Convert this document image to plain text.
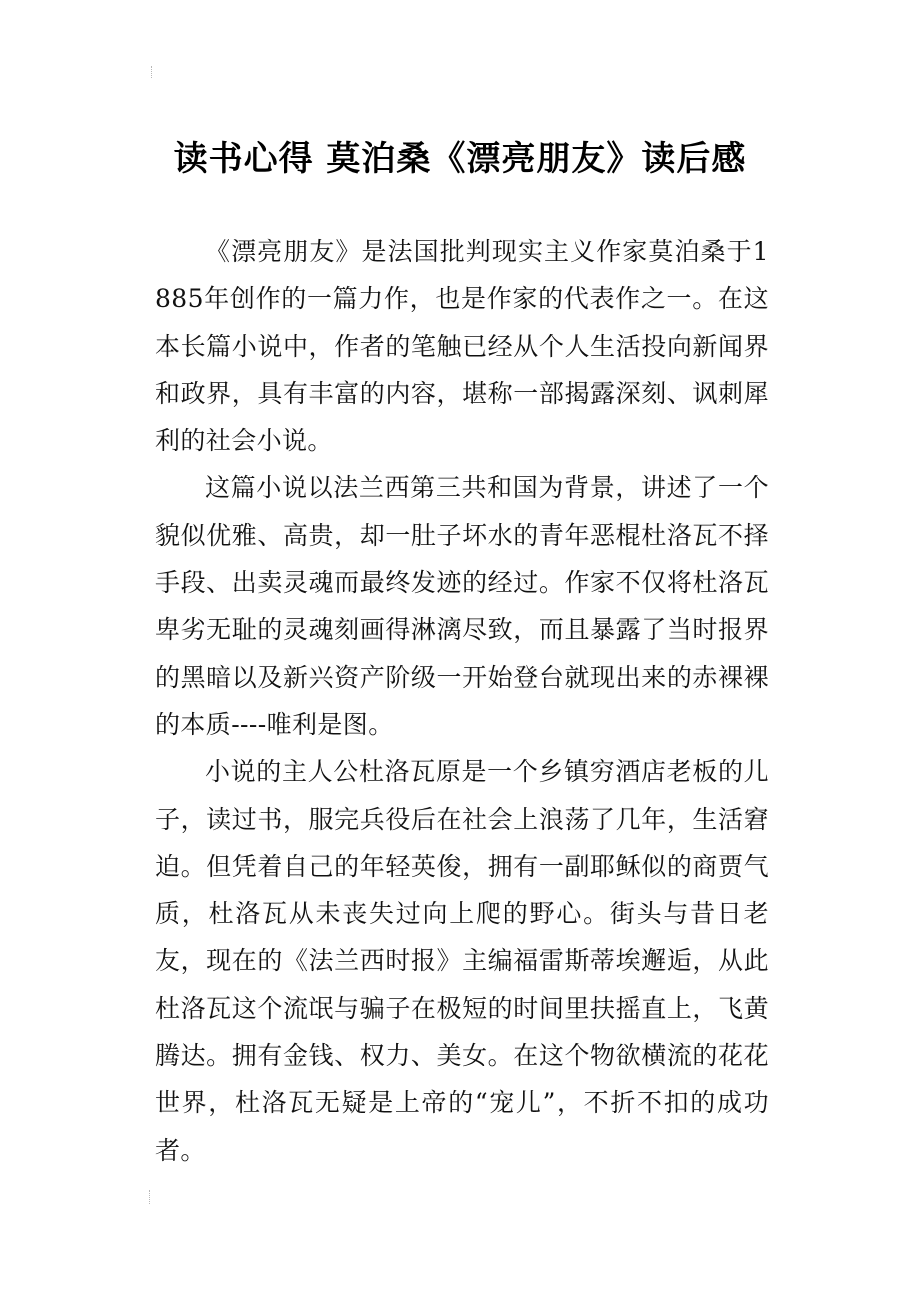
读书心得 莫泊桑《漂亮朋友》读后感

《漂亮朋友》是法国批判现实主义作家莫泊桑于1885年创作的一篇力作，也是作家的代表作之一。在这本长篇小说中，作者的笔触已经从个人生活投向新闻界和政界，具有丰富的内容，堪称一部揭露深刻、讽刺犀利的社会小说。

这篇小说以法兰西第三共和国为背景，讲述了一个貌似优雅、高贵，却一肚子坏水的青年恶棍杜洛瓦不择手段、出卖灵魂而最终发迹的经过。作家不仅将杜洛瓦卑劣无耻的灵魂刻画得淋漓尽致，而且暴露了当时报界的黑暗以及新兴资产阶级一开始登台就现出来的赤裸裸的本质----唯利是图。

小说的主人公杜洛瓦原是一个乡镇穷酒店老板的儿子，读过书，服完兵役后在社会上浪荡了几年，生活窘迫。但凭着自己的年轻英俊，拥有一副耶稣似的商贾气质，杜洛瓦从未丧失过向上爬的野心。街头与昔日老友，现在的《法兰西时报》主编福雷斯蒂埃邂逅，从此杜洛瓦这个流氓与骗子在极短的时间里扶摇直上，飞黄腾达。拥有金钱、权力、美女。在这个物欲横流的花花世界，杜洛瓦无疑是上帝的“宠儿”，不折不扣的成功者。
